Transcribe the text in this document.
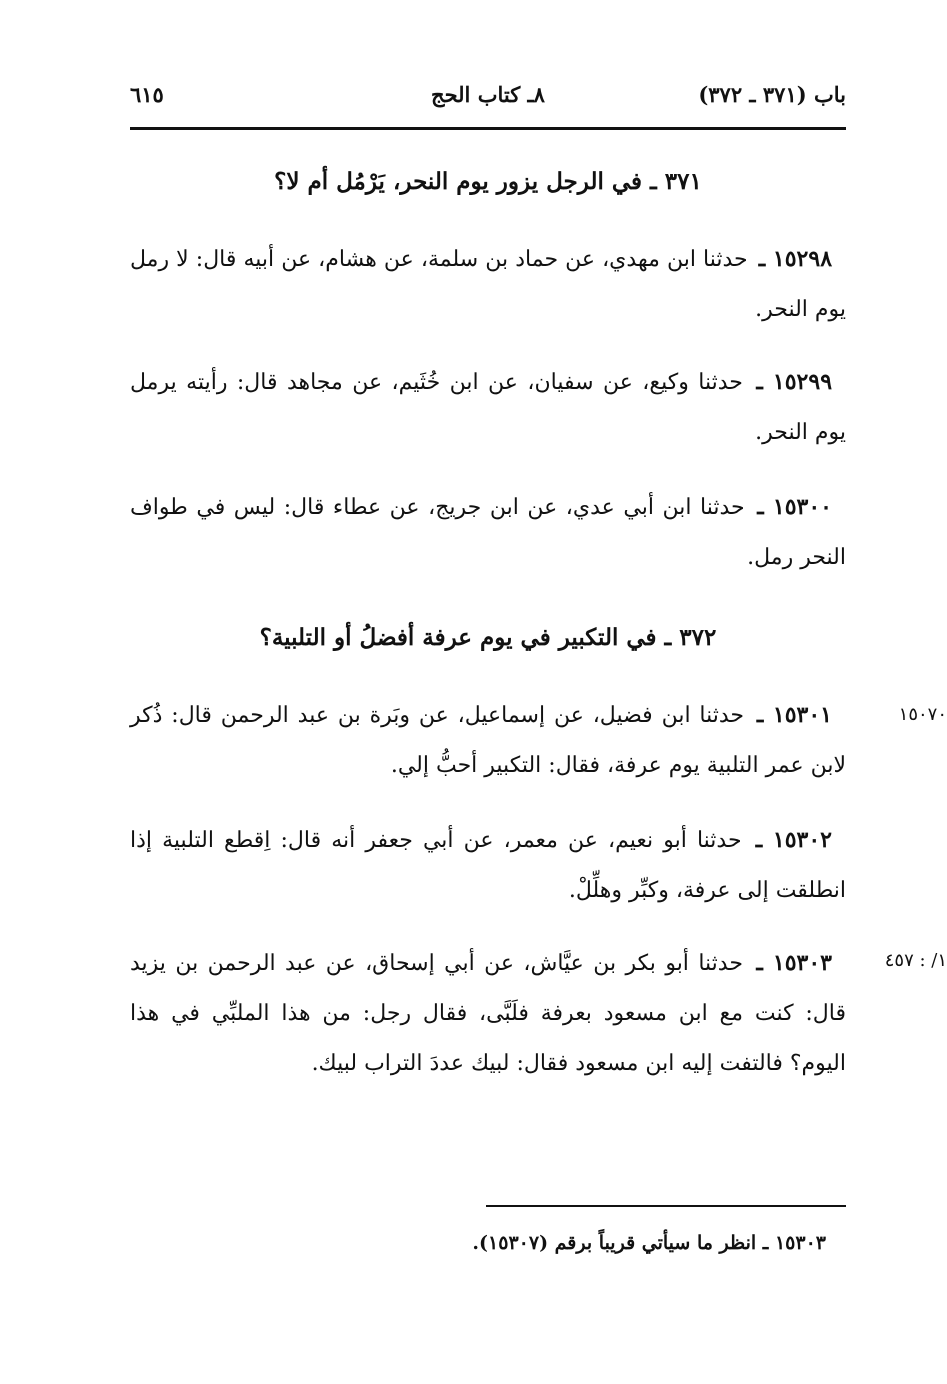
باب (٣٧١ ـ ٣٧٢)
٨ـ كتاب الحج
٦١٥
٣٧١ ـ في الرجل يزور يوم النحر، يَرْمُل أم لا؟
١٥٢٩٨ ـ حدثنا ابن مهدي، عن حماد بن سلمة، عن هشام، عن أبيه قال: لا رمل يوم النحر.
١٥٢٩٩ ـ حدثنا وكيع، عن سفيان، عن ابن خُثَيم، عن مجاهد قال: رأيته يرمل يوم النحر.
١٥٣٠٠ ـ حدثنا ابن أبي عدي، عن ابن جريج، عن عطاء قال: ليس في طواف النحر رمل.
٣٧٢ ـ في التكبير في يوم عرفة أفضلُ أو التلبية؟
١٥٠٧٠
١٥٣٠١ ـ حدثنا ابن فضيل، عن إسماعيل، عن وبَرة بن عبد الرحمن قال: ذُكر لابن عمر التلبية يوم عرفة، فقال: التكبير أحبُّ إلي.
١٥٣٠٢ ـ حدثنا أبو نعيم، عن معمر، عن أبي جعفر أنه قال: اِقطع التلبية إذا انطلقت إلى عرفة، وكبِّر وهلِّلْ.
١/ : ٤٥٧
١٥٣٠٣ ـ حدثنا أبو بكر بن عيَّاش، عن أبي إسحاق، عن عبد الرحمن بن يزيد قال: كنت مع ابن مسعود بعرفة فلَبَّى، فقال رجل: من هذا الملبِّي في هذا اليوم؟ فالتفت إليه ابن مسعود فقال: لبيك عددَ التراب لبيك.
١٥٣٠٣ ـ انظر ما سيأتي قريباً برقم (١٥٣٠٧).
